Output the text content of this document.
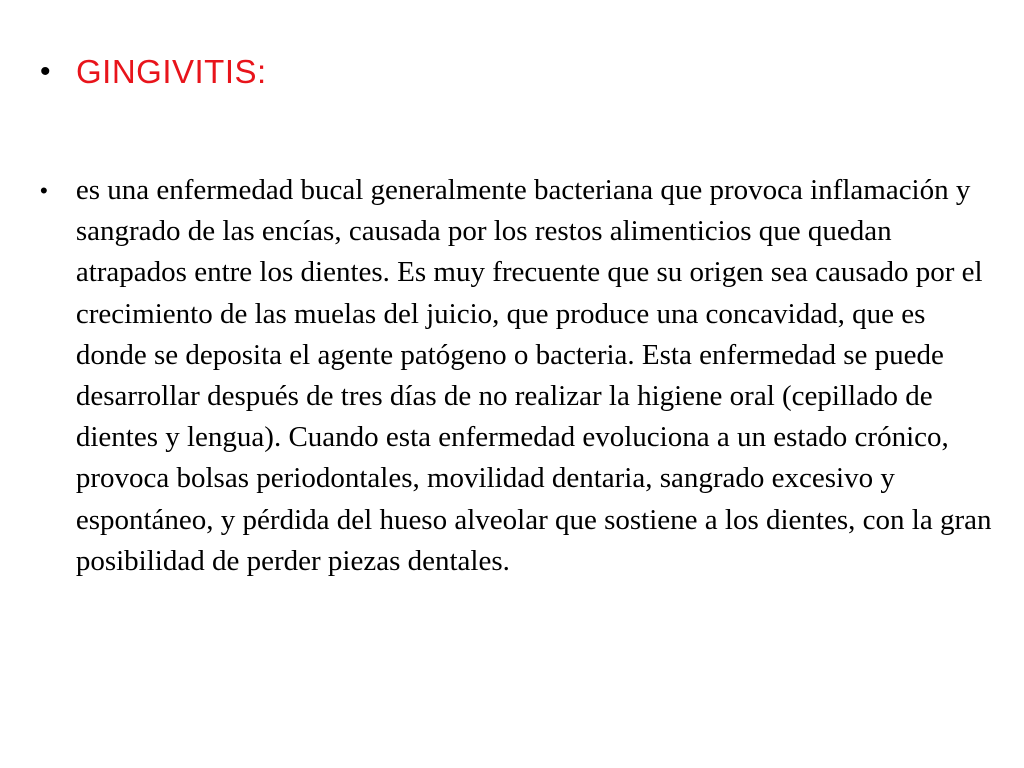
• GINGIVITIS:
• es una enfermedad bucal generalmente bacteriana que provoca inflamación y sangrado de las encías, causada por los restos alimenticios que quedan atrapados entre los dientes. Es muy frecuente que su origen sea causado por el crecimiento de las muelas del juicio, que produce una concavidad, que es donde se deposita el agente patógeno o bacteria. Esta enfermedad se puede desarrollar después de tres días de no realizar la higiene oral (cepillado de dientes y lengua). Cuando esta enfermedad evoluciona a un estado crónico, provoca bolsas periodontales, movilidad dentaria, sangrado excesivo y espontáneo, y pérdida del hueso alveolar que sostiene a los dientes, con la gran posibilidad de perder piezas dentales.
